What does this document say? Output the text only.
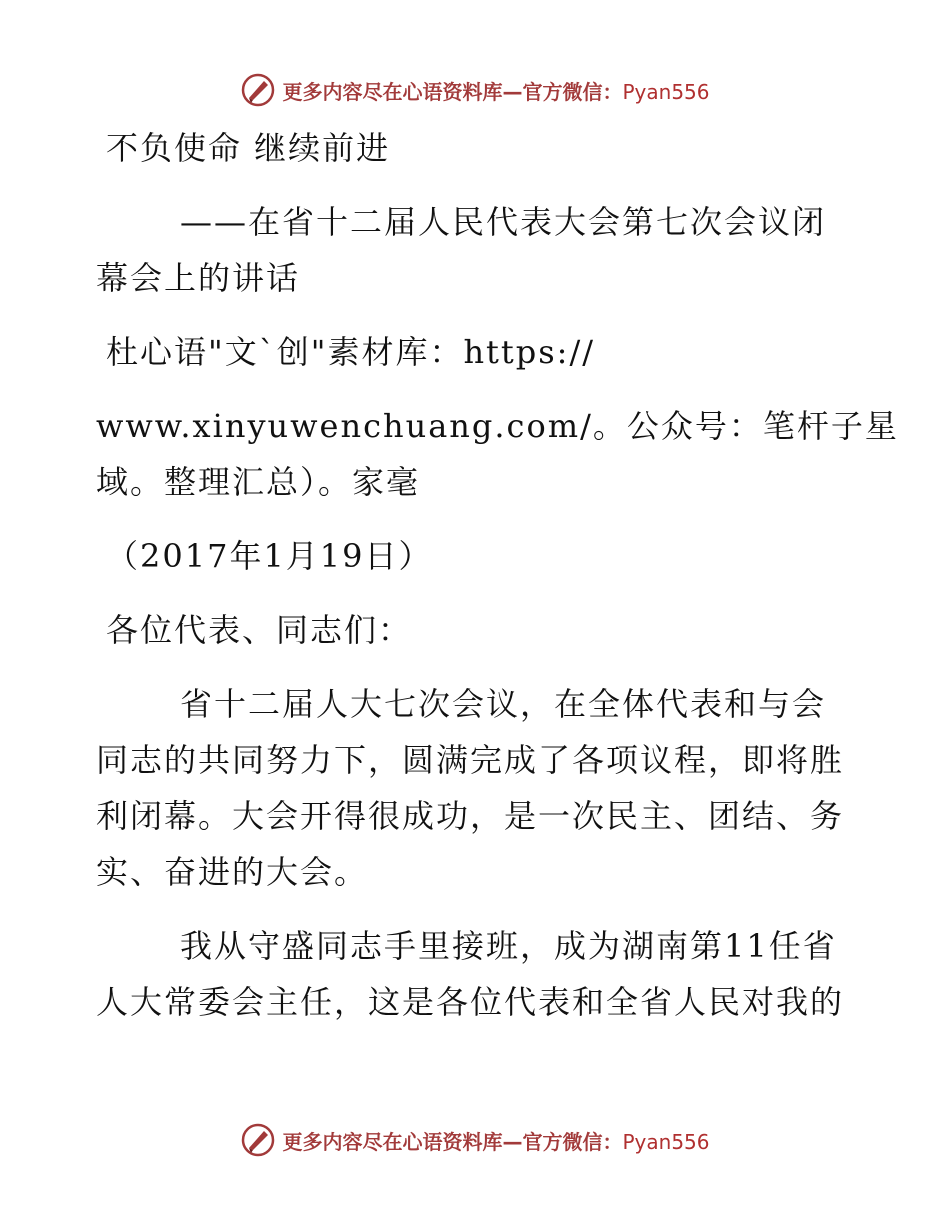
更多内容尽在心语资料库—官方微信：Pyan556
不负使命 继续前进
——在省十二届人民代表大会第七次会议闭
幕会上的讲话
杜心语"文`创"素材库：https://
www.xinyuwenchuang.com/。公众号：笔杆子星
域。整理汇总）。家毫
（2017年1月19日）
各位代表、同志们：
省十二届人大七次会议，在全体代表和与会
同志的共同努力下，圆满完成了各项议程，即将胜
利闭幕。大会开得很成功，是一次民主、团结、务
实、奋进的大会。
我从守盛同志手里接班，成为湖南第11任省
人大常委会主任，这是各位代表和全省人民对我的
更多内容尽在心语资料库—官方微信：Pyan556
